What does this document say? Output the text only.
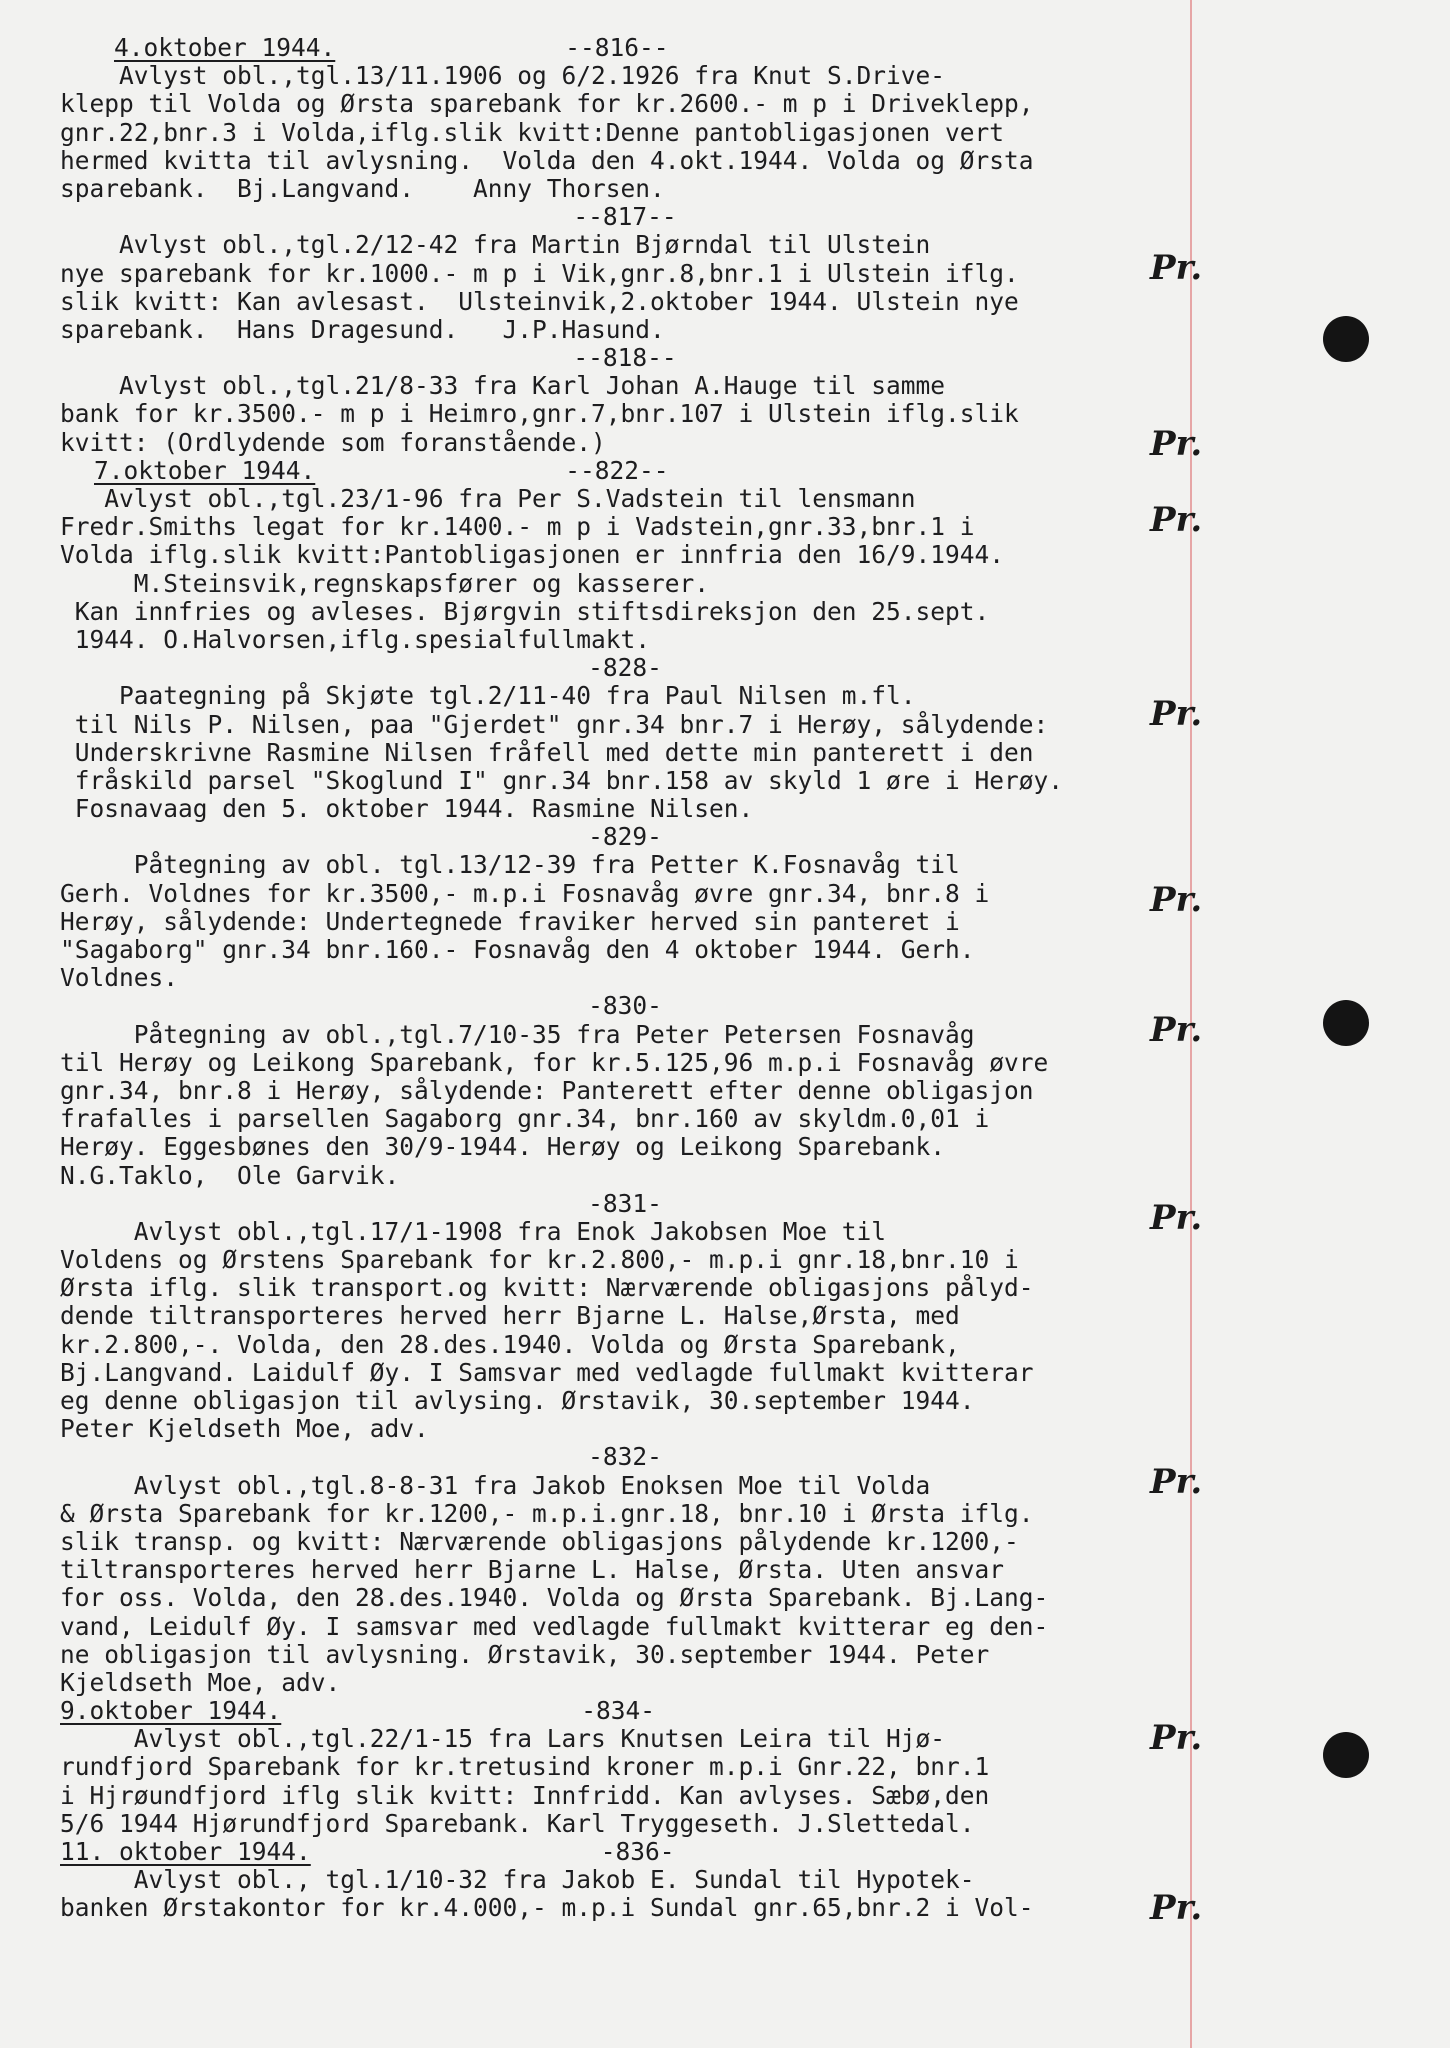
4.oktober 1944.	--816--
Avlyst obl.,tgl.13/11.1906 og 6/2.1926 fra Knut S.Drive-
klepp til Volda og Ørsta sparebank for kr.2600.- m p i Driveklepp,
gnr.22,bnr.3 i Volda,iflg.slik kvitt:Denne pantobligasjonen vert
hermed kvitta til avlysning.  Volda den 4.okt.1944. Volda og Ørsta
sparebank.  Bj.Langvand.    Anny Thorsen.
--817--
Avlyst obl.,tgl.2/12-42 fra Martin Bjørndal til Ulstein
nye sparebank for kr.1000.- m p i Vik,gnr.8,bnr.1 i Ulstein iflg.
slik kvitt: Kan avlesast.  Ulsteinvik,2.oktober 1944. Ulstein nye
sparebank.  Hans Dragesund.   J.P.Hasund.
--818--
Avlyst obl.,tgl.21/8-33 fra Karl Johan A.Hauge til samme
bank for kr.3500.- m p i Heimro,gnr.7,bnr.107 i Ulstein iflg.slik
kvitt: (Ordlydende som foranstående.)
7.oktober 1944.	--822--
Avlyst obl.,tgl.23/1-96 fra Per S.Vadstein til lensmann
Fredr.Smiths legat for kr.1400.- m p i Vadstein,gnr.33,bnr.1 i
Volda iflg.slik kvitt:Pantobligasjonen er innfria den 16/9.1944.
M.Steinsvik,regnskapsfører og kasserer.
Kan innfries og avleses. Bjørgvin stiftsdireksjon den 25.sept.
1944. O.Halvorsen,iflg.spesialfullmakt.
-828-
Paategning på Skjøte tgl.2/11-40 fra Paul Nilsen m.fl.
til Nils P. Nilsen, paa "Gjerdet" gnr.34 bnr.7 i Herøy, sålydende:
Underskrivne Rasmine Nilsen fråfell med dette min panterett i den
fråskild parsel "Skoglund I" gnr.34 bnr.158 av skyld 1 øre i Herøy.
Fosnavaag den 5. oktober 1944. Rasmine Nilsen.
-829-
Påtegning av obl. tgl.13/12-39 fra Petter K.Fosnavåg til
Gerh. Voldnes for kr.3500,- m.p.i Fosnavåg øvre gnr.34, bnr.8 i
Herøy, sålydende: Undertegnede fraviker herved sin panteret i
"Sagaborg" gnr.34 bnr.160.- Fosnavåg den 4 oktober 1944. Gerh.
Voldnes.
-830-
Påtegning av obl.,tgl.7/10-35 fra Peter Petersen Fosnavåg
til Herøy og Leikong Sparebank, for kr.5.125,96 m.p.i Fosnavåg øvre
gnr.34, bnr.8 i Herøy, sålydende: Panterett efter denne obligasjon
frafalles i parsellen Sagaborg gnr.34, bnr.160 av skyldm.0,01 i
Herøy. Eggesbønes den 30/9-1944. Herøy og Leikong Sparebank.
N.G.Taklo,  Ole Garvik.
-831-
Avlyst obl.,tgl.17/1-1908 fra Enok Jakobsen Moe til
Voldens og Ørstens Sparebank for kr.2.800,- m.p.i gnr.18,bnr.10 i
Ørsta iflg. slik transport.og kvitt: Nærværende obligasjons pålyd-
dende tiltransporteres herved herr Bjarne L. Halse,Ørsta, med
kr.2.800,-. Volda, den 28.des.1940. Volda og Ørsta Sparebank,
Bj.Langvand. Laidulf Øy. I Samsvar med vedlagde fullmakt kvitterar
eg denne obligasjon til avlysing. Ørstavik, 30.september 1944.
Peter Kjeldseth Moe, adv.
-832-
Avlyst obl.,tgl.8-8-31 fra Jakob Enoksen Moe til Volda
& Ørsta Sparebank for kr.1200,- m.p.i.gnr.18, bnr.10 i Ørsta iflg.
slik transp. og kvitt: Nærværende obligasjons pålydende kr.1200,-
tiltransporteres herved herr Bjarne L. Halse, Ørsta. Uten ansvar
for oss. Volda, den 28.des.1940. Volda og Ørsta Sparebank. Bj.Lang-
vand, Leidulf Øy. I samsvar med vedlagde fullmakt kvitterar eg den-
ne obligasjon til avlysning. Ørstavik, 30.september 1944. Peter
Kjeldseth Moe, adv.
9.oktober 1944.	-834-
Avlyst obl.,tgl.22/1-15 fra Lars Knutsen Leira til Hjø-
rundfjord Sparebank for kr.tretusind kroner m.p.i Gnr.22, bnr.1
i Hjrøundfjord iflg slik kvitt: Innfridd. Kan avlyses. Sæbø,den
5/6 1944 Hjørundfjord Sparebank. Karl Tryggeseth. J.Slettedal.
11. oktober 1944.	-836-
Avlyst obl., tgl.1/10-32 fra Jakob E. Sundal til Hypotek-
banken Ørstakontor for kr.4.000,- m.p.i Sundal gnr.65,bnr.2 i Vol-
Pr.
Pr.
Pr.
Pr.
Pr.
Pr.
Pr.
Pr.
Pr.
Pr.
